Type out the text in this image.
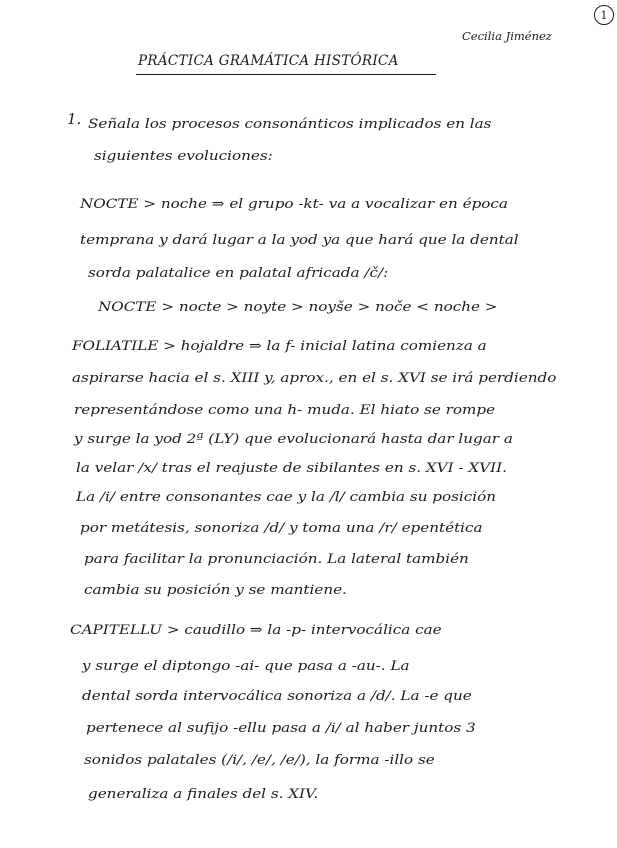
1
Cecilia Jiménez
PRÁCTICA GRAMÁTICA HISTÓRICA
1. Señala los procesos consonánticos implicados en las
siguientes evoluciones:
NOCTE > noche ⇒ el grupo -kt- va a vocalizar en época
temprana y dará lugar a la yod ya que hará que la dental
sorda palatalice en palatal africada /č/:
NOCTE > nocte > noyte > noyše > noče < noche >
FOLIATILE > hojaldre ⇒ la f- inicial latina comienza a
aspirarse hacia el s. XIII y, aprox., en el s. XVI se irá perdiendo
representándose como una h- muda. El hiato se rompe
y surge la yod 2ª (LY) que evolucionará hasta dar lugar a
la velar /x/ tras el reajuste de sibilantes en s. XVI - XVII.
La /i/ entre consonantes cae y la /l/ cambia su posición
por metátesis, sonoriza /d/ y toma una /r/ epentética
para facilitar la pronunciación. La lateral también
cambia su posición y se mantiene.
CAPITELLU > caudillo ⇒ la -p- intervocálica cae
y surge el diptongo -ai- que pasa a -au-. La
dental sorda intervocálica sonoriza a /d/. La -e que
pertenece al sufijo -ellu pasa a /i/ al haber juntos 3
sonidos palatales (/i/, /e/, /e/), la forma -illo se
generaliza a finales del s. XIV.
